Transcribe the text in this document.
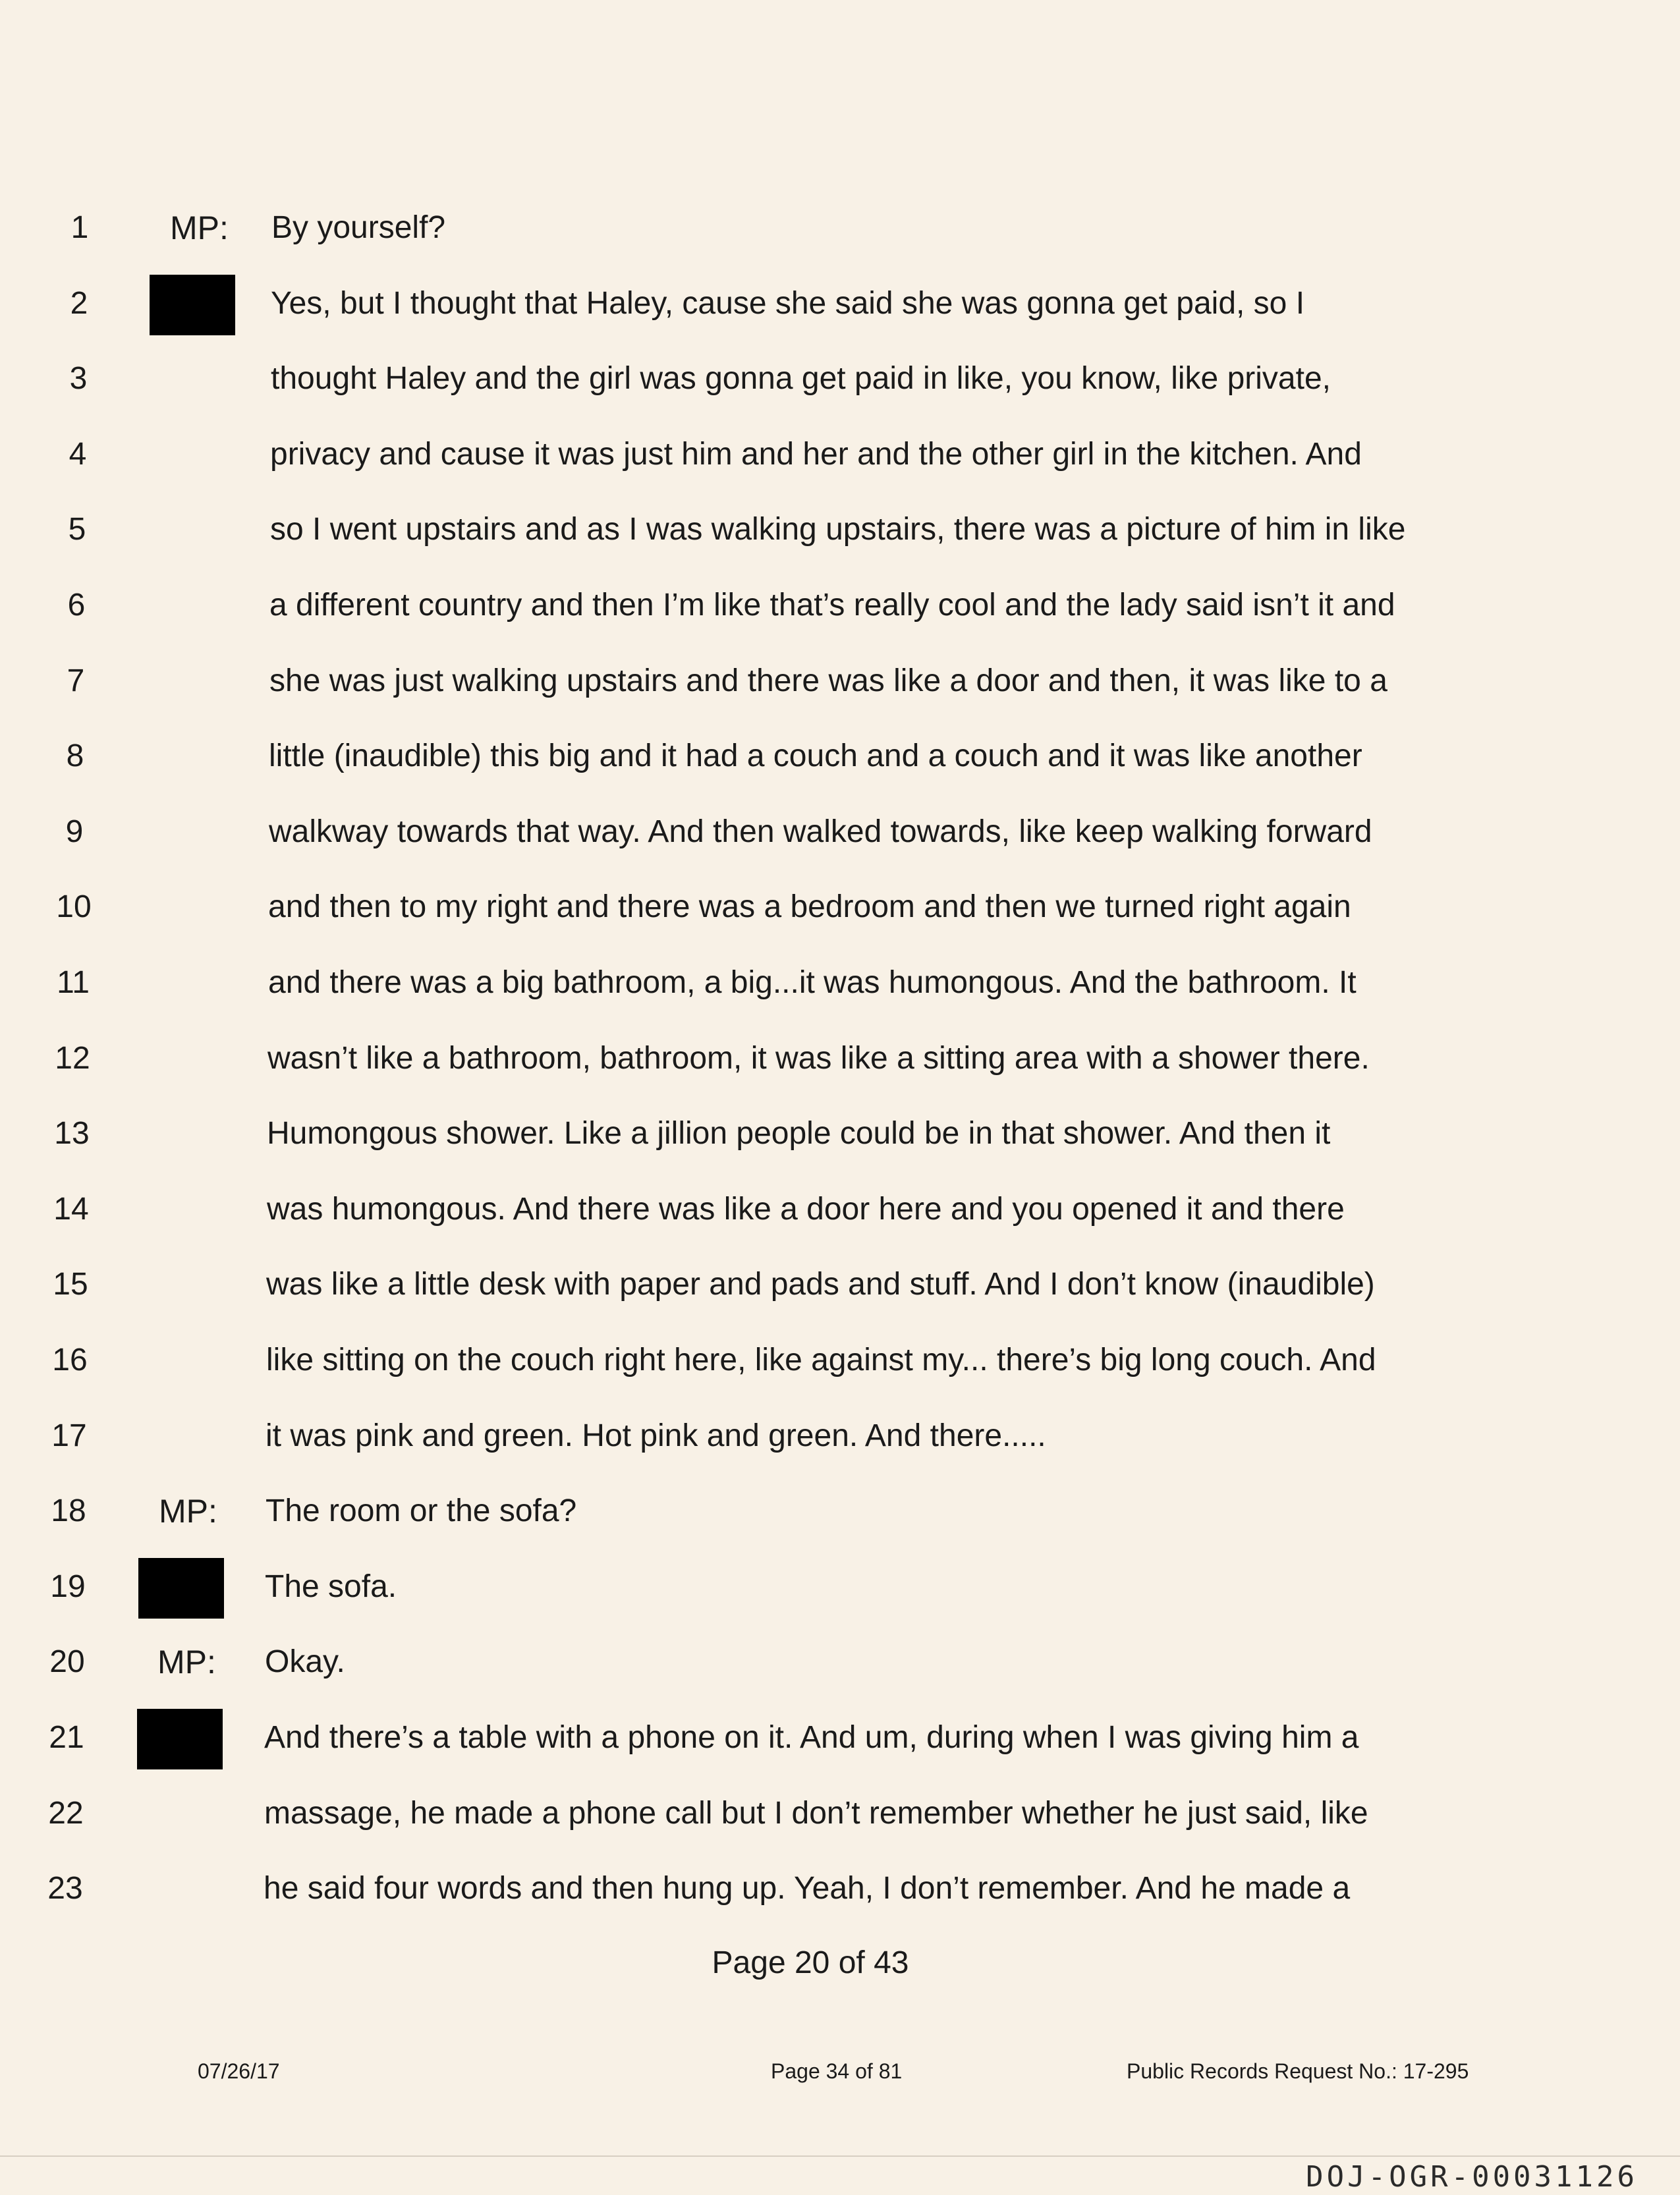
1	MP: By yourself?
2	Yes, but I thought that Haley, cause she said she was gonna get paid, so I
3	thought Haley and the girl was gonna get paid in like, you know, like private,
4	privacy and cause it was just him and her and the other girl in the kitchen. And
5	so I went upstairs and as I was walking upstairs, there was a picture of him in like
6	a different country and then I’m like that’s really cool and the lady said isn’t it and
7	she was just walking upstairs and there was like a door and then, it was like to a
8	little (inaudible) this big and it had a couch and a couch and it was like another
9	walkway towards that way. And then walked towards, like keep walking forward
10	and then to my right and there was a bedroom and then we turned right again
11	and there was a big bathroom, a big...it was humongous. And the bathroom. It
12	wasn’t like a bathroom, bathroom, it was like a sitting area with a shower there.
13	Humongous shower. Like a jillion people could be in that shower. And then it
14	was humongous. And there was like a door here and you opened it and there
15	was like a little desk with paper and pads and stuff. And I don’t know (inaudible)
16	like sitting on the couch right here, like against my... there’s big long couch. And
17	it was pink and green. Hot pink and green. And there.....
18	MP: The room or the sofa?
19	The sofa.
20	MP: Okay.
21	And there’s a table with a phone on it. And um, during when I was giving him a
22	massage, he made a phone call but I don’t remember whether he just said, like
23	he said four words and then hung up. Yeah, I don’t remember. And he made a
Page 20 of 43
07/26/17	Page 34 of 81	Public Records Request No.: 17-295
DOJ-OGR-00031126
